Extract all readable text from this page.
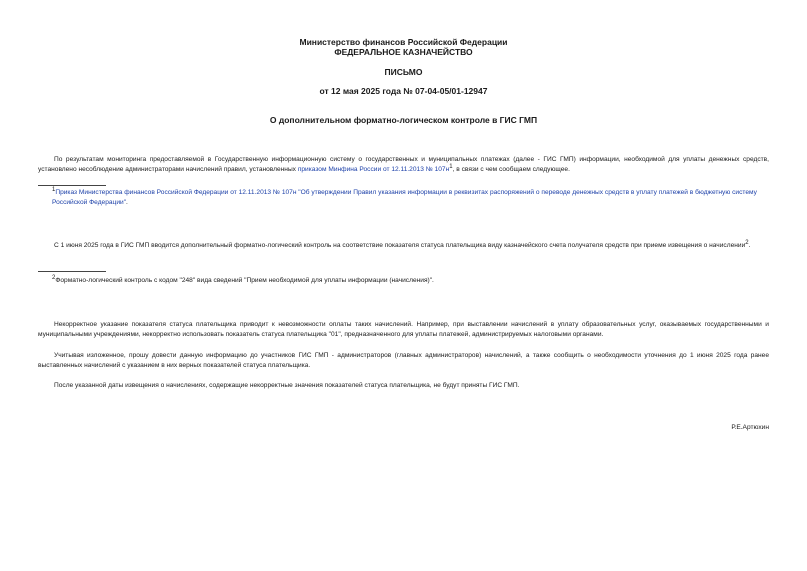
Министерство финансов Российской Федерации
ФЕДЕРАЛЬНОЕ КАЗНАЧЕЙСТВО
ПИСЬМО
от 12 мая 2025 года № 07-04-05/01-12947
О дополнительном форматно-логическом контроле в ГИС ГМП
По результатам мониторинга предоставляемой в Государственную информационную систему о государственных и муниципальных платежах (далее - ГИС ГМП) информации, необходимой для уплаты денежных средств, установлено несоблюдение администраторами начислений правил, установленных приказом Минфина России от 12.11.2013 № 107н1, в связи с чем сообщаем следующее.
1Приказ Министерства финансов Российской Федерации от 12.11.2013 № 107н "Об утверждении Правил указания информации в реквизитах распоряжений о переводе денежных средств в уплату платежей в бюджетную систему Российской Федерации".
С 1 июня 2025 года в ГИС ГМП вводится дополнительный форматно-логический контроль на соответствие показателя статуса плательщика виду казначейского счета получателя средств при приеме извещения о начислении2.
2Форматно-логический контроль с кодом "248" вида сведений "Прием необходимой для уплаты информации (начисления)".
Некорректное указание показателя статуса плательщика приводит к невозможности оплаты таких начислений. Например, при выставлении начислений в уплату образовательных услуг, оказываемых государственными и муниципальными учреждениями, некорректно использовать показатель статуса плательщика "01", предназначенного для уплаты платежей, администрируемых налоговыми органами.
Учитывая изложенное, прошу довести данную информацию до участников ГИС ГМП - администраторов (главных администраторов) начислений, а также сообщить о необходимости уточнения до 1 июня 2025 года ранее выставленных начислений с указанием в них верных показателей статуса плательщика.
После указанной даты извещения о начислениях, содержащие некорректные значения показателей статуса плательщика, не будут приняты ГИС ГМП.
Р.Е.Артюхин
